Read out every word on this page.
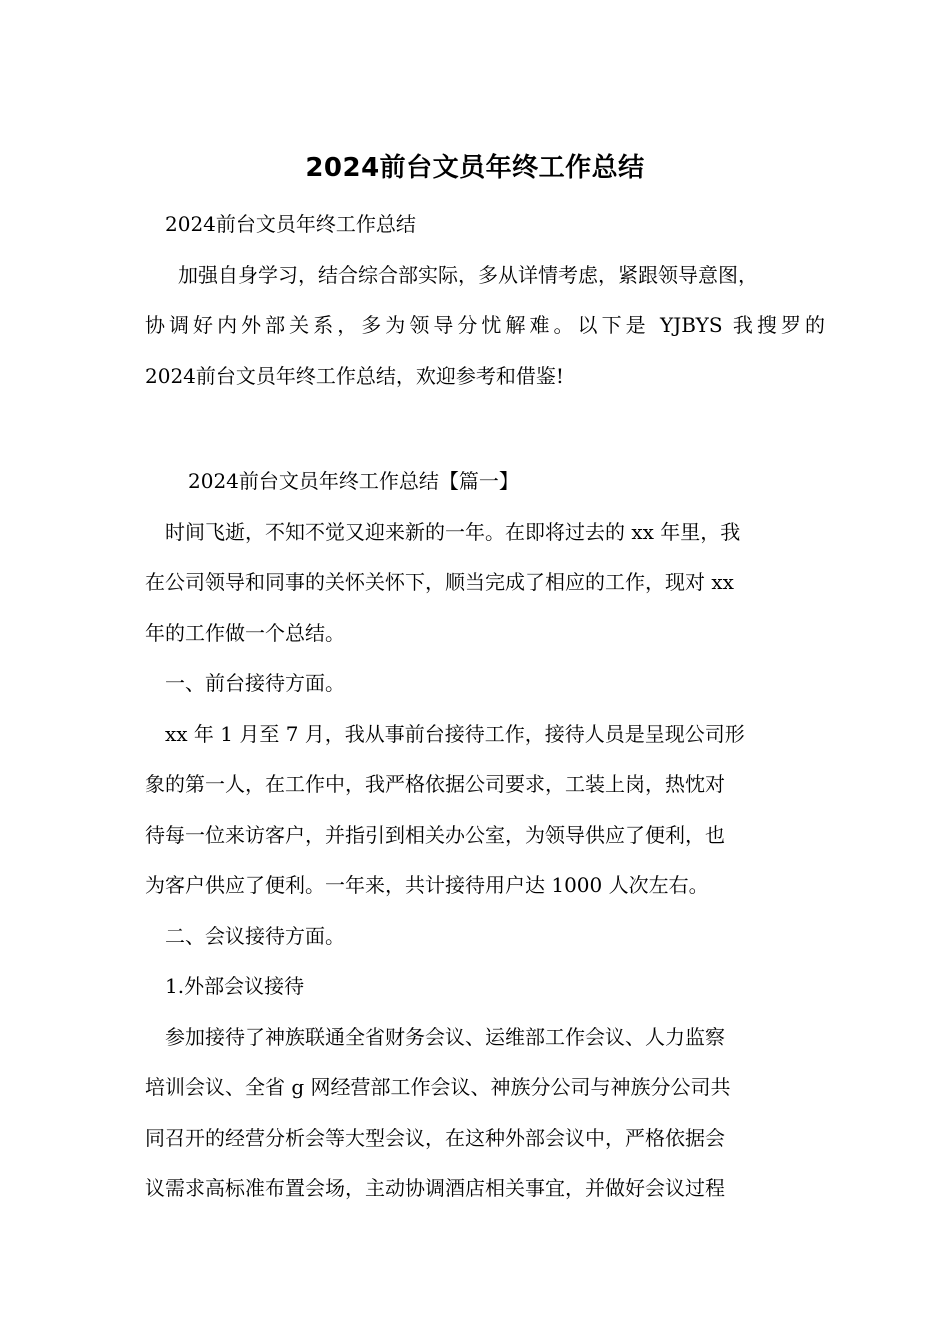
2024前台文员年终工作总结
2024前台文员年终工作总结
加强自身学习，结合综合部实际，多从详情考虑，紧跟领导意图，
协调好内外部关系，多为领导分忧解难。以下是 YJBYS 我搜罗的
2024前台文员年终工作总结，欢迎参考和借鉴!
2024前台文员年终工作总结【篇一】
时间飞逝，不知不觉又迎来新的一年。在即将过去的 xx 年里，我
在公司领导和同事的关怀关怀下，顺当完成了相应的工作，现对 xx
年的工作做一个总结。
一、前台接待方面。
xx 年 1 月至 7 月，我从事前台接待工作，接待人员是呈现公司形
象的第一人，在工作中，我严格依据公司要求，工装上岗，热忱对
待每一位来访客户，并指引到相关办公室，为领导供应了便利，也
为客户供应了便利。一年来，共计接待用户达 1000 人次左右。
二、会议接待方面。
1.外部会议接待
参加接待了神族联通全省财务会议、运维部工作会议、人力监察
培训会议、全省 g 网经营部工作会议、神族分公司与神族分公司共
同召开的经营分析会等大型会议，在这种外部会议中，严格依据会
议需求高标准布置会场，主动协调酒店相关事宜，并做好会议过程
